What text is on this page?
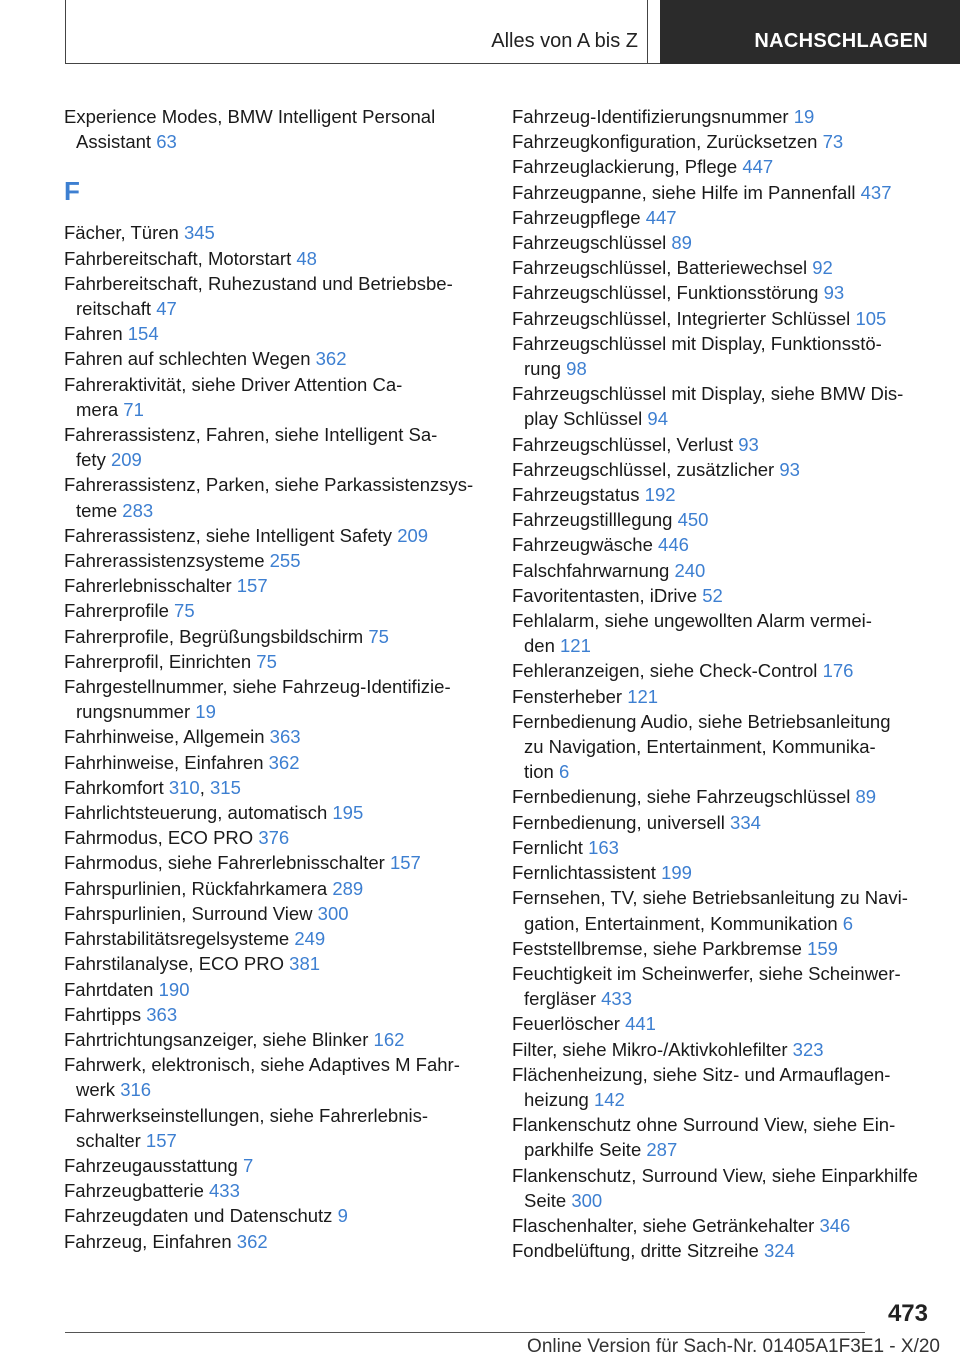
Alles von A bis Z	NACHSCHLAGEN
Experience Modes, BMW Intelligent Personal
Assistant 63
F
Fächer, Türen 345
Fahrbereitschaft, Motorstart 48
Fahrbereitschaft, Ruhezustand und Betriebsbe-
reitschaft 47
Fahren 154
Fahren auf schlechten Wegen 362
Fahreraktivität, siehe Driver Attention Ca-
mera 71
Fahrerassistenz, Fahren, siehe Intelligent Sa-
fety 209
Fahrerassistenz, Parken, siehe Parkassistenzsys-
teme 283
Fahrerassistenz, siehe Intelligent Safety 209
Fahrerassistenzsysteme 255
Fahrerlebnisschalter 157
Fahrerprofile 75
Fahrerprofile, Begrüßungsbildschirm 75
Fahrerprofil, Einrichten 75
Fahrgestellnummer, siehe Fahrzeug-Identifizie-
rungsnummer 19
Fahrhinweise, Allgemein 363
Fahrhinweise, Einfahren 362
Fahrkomfort 310, 315
Fahrlichtsteuerung, automatisch 195
Fahrmodus, ECO PRO 376
Fahrmodus, siehe Fahrerlebnisschalter 157
Fahrspurlinien, Rückfahrkamera 289
Fahrspurlinien, Surround View 300
Fahrstabilitätsregelsysteme 249
Fahrstilanalyse, ECO PRO 381
Fahrtdaten 190
Fahrtipps 363
Fahrtrichtungsanzeiger, siehe Blinker 162
Fahrwerk, elektronisch, siehe Adaptives M Fahr-
werk 316
Fahrwerkseinstellungen, siehe Fahrerlebnis-
schalter 157
Fahrzeugausstattung 7
Fahrzeugbatterie 433
Fahrzeugdaten und Datenschutz 9
Fahrzeug, Einfahren 362
Fahrzeug-Identifizierungsnummer 19
Fahrzeugkonfiguration, Zurücksetzen 73
Fahrzeuglackierung, Pflege 447
Fahrzeugpanne, siehe Hilfe im Pannenfall 437
Fahrzeugpflege 447
Fahrzeugschlüssel 89
Fahrzeugschlüssel, Batteriewechsel 92
Fahrzeugschlüssel, Funktionsstörung 93
Fahrzeugschlüssel, Integrierter Schlüssel 105
Fahrzeugschlüssel mit Display, Funktionsstö-
rung 98
Fahrzeugschlüssel mit Display, siehe BMW Dis-
play Schlüssel 94
Fahrzeugschlüssel, Verlust 93
Fahrzeugschlüssel, zusätzlicher 93
Fahrzeugstatus 192
Fahrzeugstilllegung 450
Fahrzeugwäsche 446
Falschfahrwarnung 240
Favoritentasten, iDrive 52
Fehlalarm, siehe ungewollten Alarm vermei-
den 121
Fehleranzeigen, siehe Check-Control 176
Fensterheber 121
Fernbedienung Audio, siehe Betriebsanleitung
zu Navigation, Entertainment, Kommunika-
tion 6
Fernbedienung, siehe Fahrzeugschlüssel 89
Fernbedienung, universell 334
Fernlicht 163
Fernlichtassistent 199
Fernsehen, TV, siehe Betriebsanleitung zu Navi-
gation, Entertainment, Kommunikation 6
Feststellbremse, siehe Parkbremse 159
Feuchtigkeit im Scheinwerfer, siehe Scheinwer-
fergläser 433
Feuerlöscher 441
Filter, siehe Mikro-/Aktivkohlefilter 323
Flächenheizung, siehe Sitz- und Armauflagen-
heizung 142
Flankenschutz ohne Surround View, siehe Ein-
parkhilfe Seite 287
Flankenschutz, Surround View, siehe Einparkhilfe
Seite 300
Flaschenhalter, siehe Getränkehalter 346
Fondbelüftung, dritte Sitzreihe 324
473
Online Version für Sach-Nr. 01405A1F3E1 - X/20
